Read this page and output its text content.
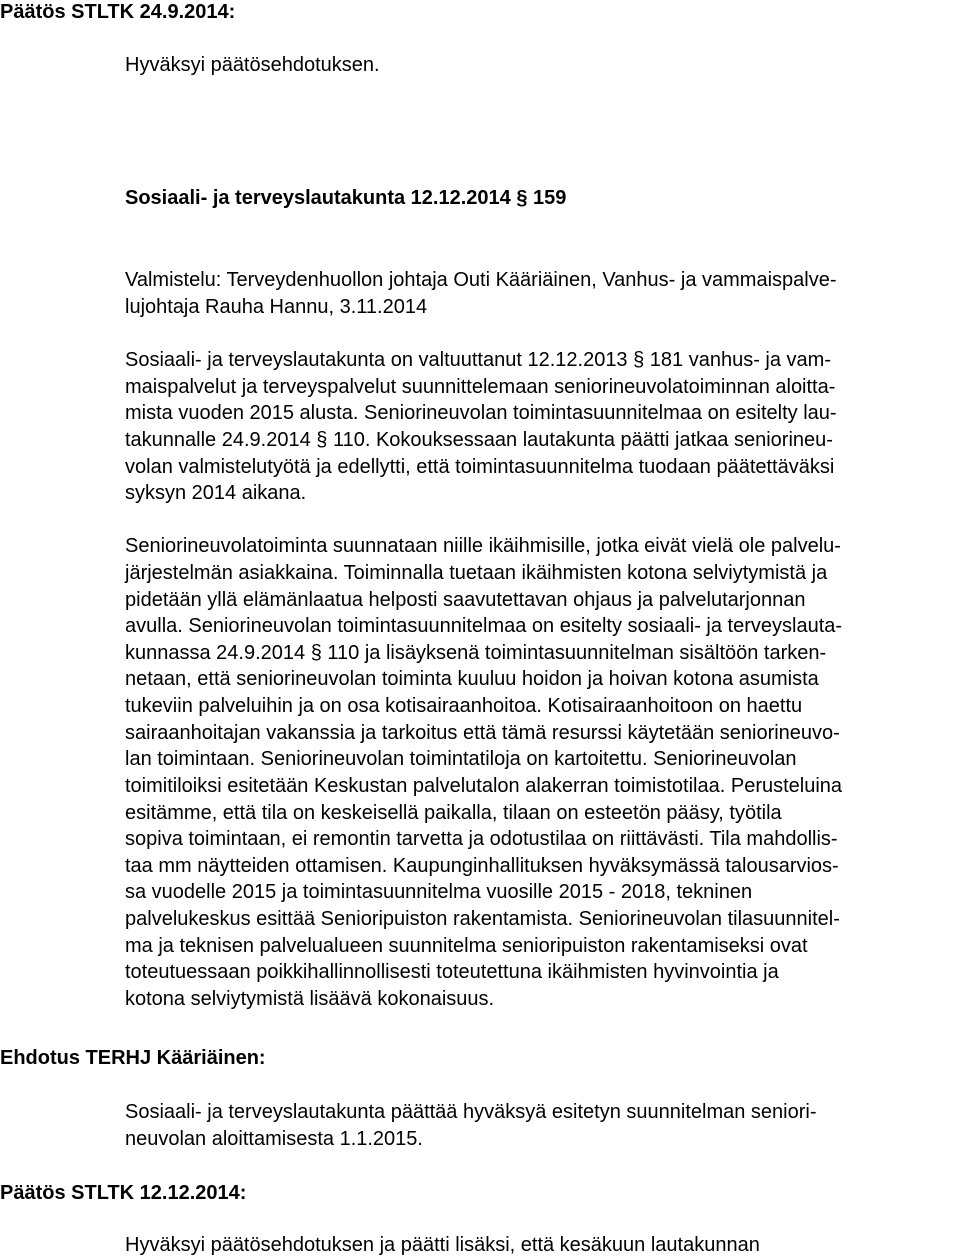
Päätös STLTK 24.9.2014:
Hyväksyi päätösehdotuksen.
Sosiaali- ja terveyslautakunta 12.12.2014 § 159
Valmistelu: Terveydenhuollon johtaja Outi Kääriäinen, Vanhus- ja vammaispalve-
lujohtaja Rauha Hannu, 3.11.2014
Sosiaali- ja terveyslautakunta on valtuuttanut 12.12.2013 § 181 vanhus- ja vam-
maispalvelut ja terveyspalvelut suunnittelemaan seniorineuvolatoiminnan aloitta-
mista vuoden 2015 alusta. Seniorineuvolan toimintasuunnitelmaa on esitelty lau-
takunnalle 24.9.2014 § 110. Kokouksessaan lautakunta päätti jatkaa seniorineu-
volan valmistelutyötä ja edellytti, että toimintasuunnitelma tuodaan päätettäväksi
syksyn 2014 aikana.
Seniorineuvolatoiminta suunnataan niille ikäihmisille, jotka eivät vielä ole palvelu-
järjestelmän asiakkaina. Toiminnalla tuetaan ikäihmisten kotona selviytymistä ja
pidetään yllä elämänlaatua helposti saavutettavan ohjaus ja palvelutarjonnan
avulla. Seniorineuvolan toimintasuunnitelmaa on esitelty sosiaali- ja terveyslauta-
kunnassa 24.9.2014 § 110 ja lisäyksenä toimintasuunnitelman sisältöön tarken-
netaan, että seniorineuvolan toiminta kuuluu hoidon ja hoivan kotona asumista
tukeviin palveluihin ja on osa kotisairaanhoitoa. Kotisairaanhoitoon on haettu
sairaanhoitajan vakanssia ja tarkoitus että tämä resurssi käytetään seniorineuvo-
lan toimintaan. Seniorineuvolan toimintatiloja on kartoitettu. Seniorineuvolan
toimitiloiksi esitetään Keskustan palvelutalon alakerran toimistotilaa. Perusteluina
esitämme, että tila on keskeisellä paikalla, tilaan on esteetön pääsy, työtila
sopiva toimintaan, ei remontin tarvetta ja odotustilaa on riittävästi. Tila mahdollis-
taa mm näytteiden ottamisen. Kaupunginhallituksen hyväksymässä talousarvios-
sa vuodelle 2015 ja toimintasuunnitelma vuosille 2015 - 2018, tekninen
palvelukeskus esittää Senioripuiston rakentamista. Seniorineuvolan tilasuunnitel-
ma ja teknisen palvelualueen suunnitelma senioripuiston rakentamiseksi ovat
toteutuessaan poikkihallinnollisesti toteutettuna ikäihmisten hyvinvointia ja
kotona selviytymistä lisäävä kokonaisuus.
Ehdotus TERHJ Kääriäinen:
Sosiaali- ja terveyslautakunta päättää hyväksyä esitetyn suunnitelman seniori-
neuvolan aloittamisesta 1.1.2015.
Päätös STLTK 12.12.2014:
Hyväksyi päätösehdotuksen ja päätti lisäksi, että kesäkuun lautakunnan
